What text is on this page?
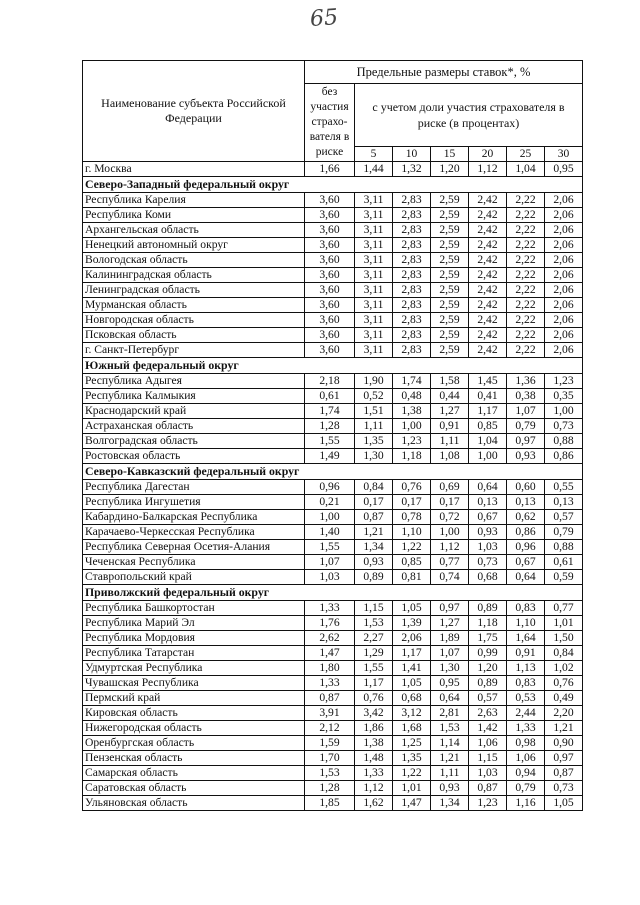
65
Наименование субъекта Российской Федерации	Предельные размеры ставок*, %						
	без участия страхо-вателя в риске	с учетом доли участия страхователя в риске (в процентах)					
		5	10	15	20	25	30
г. Москва	1,66	1,44	1,32	1,20	1,12	1,04	0,95
Северо-Западный федеральный округ							
Республика Карелия	3,60	3,11	2,83	2,59	2,42	2,22	2,06
Республика Коми	3,60	3,11	2,83	2,59	2,42	2,22	2,06
Архангельская область	3,60	3,11	2,83	2,59	2,42	2,22	2,06
Ненецкий автономный округ	3,60	3,11	2,83	2,59	2,42	2,22	2,06
Вологодская область	3,60	3,11	2,83	2,59	2,42	2,22	2,06
Калининградская область	3,60	3,11	2,83	2,59	2,42	2,22	2,06
Ленинградская область	3,60	3,11	2,83	2,59	2,42	2,22	2,06
Мурманская область	3,60	3,11	2,83	2,59	2,42	2,22	2,06
Новгородская область	3,60	3,11	2,83	2,59	2,42	2,22	2,06
Псковская область	3,60	3,11	2,83	2,59	2,42	2,22	2,06
г. Санкт-Петербург	3,60	3,11	2,83	2,59	2,42	2,22	2,06
Южный федеральный округ							
Республика Адыгея	2,18	1,90	1,74	1,58	1,45	1,36	1,23
Республика Калмыкия	0,61	0,52	0,48	0,44	0,41	0,38	0,35
Краснодарский край	1,74	1,51	1,38	1,27	1,17	1,07	1,00
Астраханская область	1,28	1,11	1,00	0,91	0,85	0,79	0,73
Волгоградская область	1,55	1,35	1,23	1,11	1,04	0,97	0,88
Ростовская область	1,49	1,30	1,18	1,08	1,00	0,93	0,86
Северо-Кавказский федеральный округ							
Республика Дагестан	0,96	0,84	0,76	0,69	0,64	0,60	0,55
Республика Ингушетия	0,21	0,17	0,17	0,17	0,13	0,13	0,13
Кабардино-Балкарская Республика	1,00	0,87	0,78	0,72	0,67	0,62	0,57
Карачаево-Черкесская Республика	1,40	1,21	1,10	1,00	0,93	0,86	0,79
Республика Северная Осетия-Алания	1,55	1,34	1,22	1,12	1,03	0,96	0,88
Чеченская Республика	1,07	0,93	0,85	0,77	0,73	0,67	0,61
Ставропольский край	1,03	0,89	0,81	0,74	0,68	0,64	0,59
Приволжский федеральный округ							
Республика Башкортостан	1,33	1,15	1,05	0,97	0,89	0,83	0,77
Республика Марий Эл	1,76	1,53	1,39	1,27	1,18	1,10	1,01
Республика Мордовия	2,62	2,27	2,06	1,89	1,75	1,64	1,50
Республика Татарстан	1,47	1,29	1,17	1,07	0,99	0,91	0,84
Удмуртская Республика	1,80	1,55	1,41	1,30	1,20	1,13	1,02
Чувашская Республика	1,33	1,17	1,05	0,95	0,89	0,83	0,76
Пермский край	0,87	0,76	0,68	0,64	0,57	0,53	0,49
Кировская область	3,91	3,42	3,12	2,81	2,63	2,44	2,20
Нижегородская область	2,12	1,86	1,68	1,53	1,42	1,33	1,21
Оренбургская область	1,59	1,38	1,25	1,14	1,06	0,98	0,90
Пензенская область	1,70	1,48	1,35	1,21	1,15	1,06	0,97
Самарская область	1,53	1,33	1,22	1,11	1,03	0,94	0,87
Саратовская область	1,28	1,12	1,01	0,93	0,87	0,79	0,73
Ульяновская область	1,85	1,62	1,47	1,34	1,23	1,16	1,05
